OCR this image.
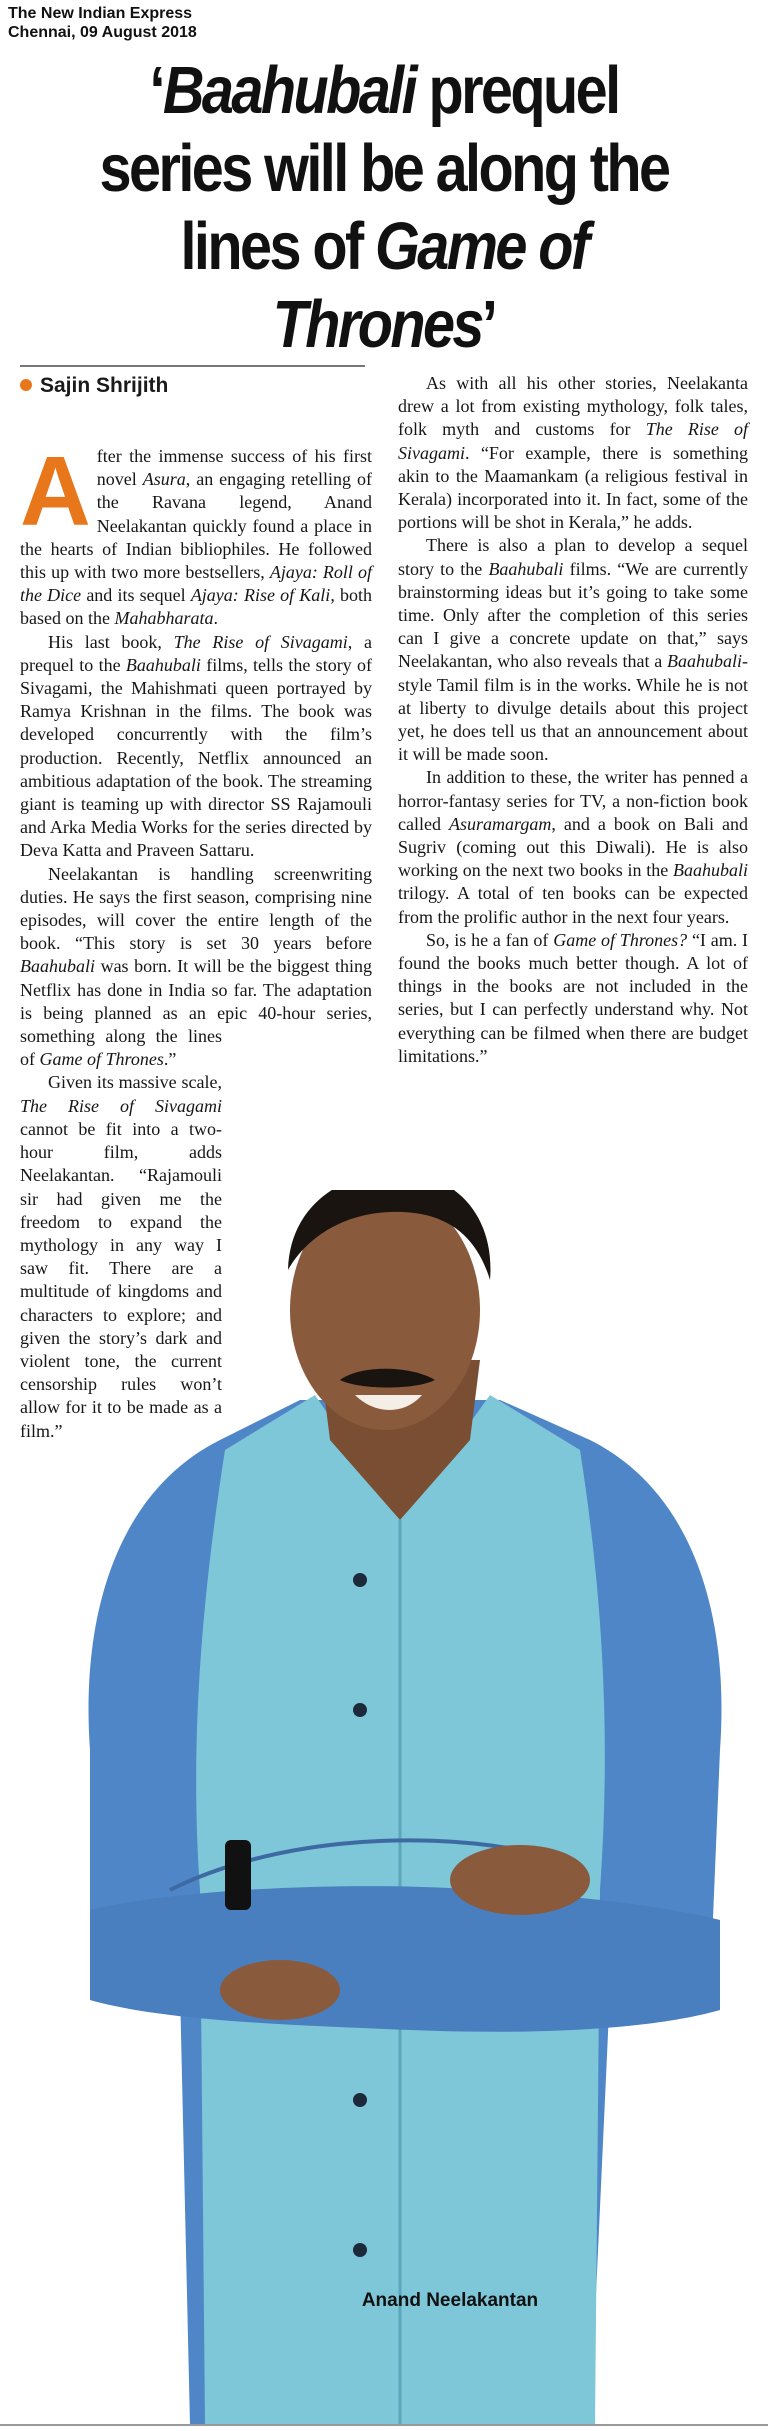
The New Indian Express
Chennai, 09 August 2018
‘Baahubali prequel series will be along the lines of Game of Thrones’
Sajin Shrijith
A fter the immense success of his first novel Asura, an engaging retelling of the Ravana legend, Anand Neelakantan quickly found a place in the hearts of Indian bibliophiles. He followed this up with two more bestsellers, Ajaya: Roll of the Dice and its sequel Ajaya: Rise of Kali, both based on the Mahabharata.

His last book, The Rise of Sivagami, a prequel to the Baahubali films, tells the story of Sivagami, the Mahishmati queen portrayed by Ramya Krishnan in the films. The book was developed concurrently with the film’s production. Recently, Netflix announced an ambitious adaptation of the book. The streaming giant is teaming up with director SS Rajamouli and Arka Media Works for the series directed by Deva Katta and Praveen Sattaru.

Neelakantan is handling screenwriting duties. He says the first season, comprising nine episodes, will cover the entire length of the book. “This story is set 30 years before Baahubali was born. It will be the biggest thing Netflix has done in India so far. The adaptation is being planned as an epic 40-hour series, something along the lines of Game of Thrones.”

Given its massive scale, The Rise of Sivagami cannot be fit into a two-hour film, adds Neelakantan. “Rajamouli sir had given me the freedom to expand the mythology in any way I saw fit. There are a multitude of kingdoms and characters to explore; and given the story’s dark and violent tone, the current censorship rules won’t allow for it to be made as a film.”

As with all his other stories, Neelakanta drew a lot from existing mythology, folk tales, folk myth and customs for The Rise of Sivagami. “For example, there is something akin to the Maamankam (a religious festival in Kerala) incorporated into it. In fact, some of the portions will be shot in Kerala,” he adds.

There is also a plan to develop a sequel story to the Baahubali films. “We are currently brainstorming ideas but it’s going to take some time. Only after the completion of this series can I give a concrete update on that,” says Neelakantan, who also reveals that a Baahubali-style Tamil film is in the works. While he is not at liberty to divulge details about this project yet, he does tell us that an announcement about it will be made soon.

In addition to these, the writer has penned a horror-fantasy series for TV, a non-fiction book called Asuramargam, and a book on Bali and Sugriv (coming out this Diwali). He is also working on the next two books in the Baahubali trilogy. A total of ten books can be expected from the prolific author in the next four years.

So, is he a fan of Game of Thrones? “I am. I found the books much better though. A lot of things in the books are not included in the series, but I can perfectly understand why. Not everything can be filmed when there are budget limitations.”

Anand Neelakantan
